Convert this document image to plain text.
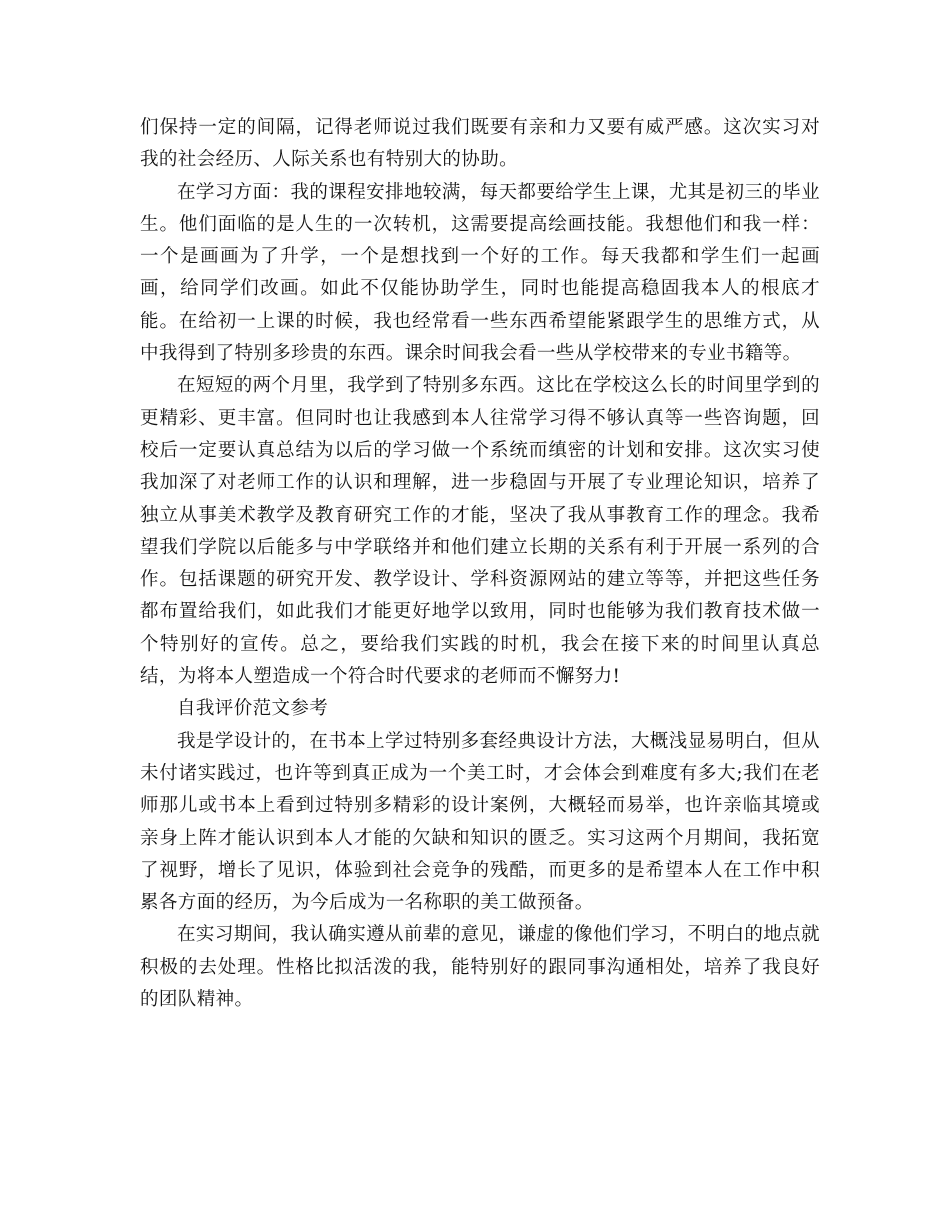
们保持一定的间隔，记得老师说过我们既要有亲和力又要有威严感。这次实习对我的社会经历、人际关系也有特别大的协助。

在学习方面：我的课程安排地较满，每天都要给学生上课，尤其是初三的毕业生。他们面临的是人生的一次转机，这需要提高绘画技能。我想他们和我一样：一个是画画为了升学，一个是想找到一个好的工作。每天我都和学生们一起画画，给同学们改画。如此不仅能协助学生，同时也能提高稳固我本人的根底才能。在给初一上课的时候，我也经常看一些东西希望能紧跟学生的思维方式，从中我得到了特别多珍贵的东西。课余时间我会看一些从学校带来的专业书籍等。

在短短的两个月里，我学到了特别多东西。这比在学校这么长的时间里学到的更精彩、更丰富。但同时也让我感到本人往常学习得不够认真等一些咨询题，回校后一定要认真总结为以后的学习做一个系统而缜密的计划和安排。这次实习使我加深了对老师工作的认识和理解，进一步稳固与开展了专业理论知识，培养了独立从事美术教学及教育研究工作的才能，坚决了我从事教育工作的理念。我希望我们学院以后能多与中学联络并和他们建立长期的关系有利于开展一系列的合作。包括课题的研究开发、教学设计、学科资源网站的建立等等，并把这些任务都布置给我们，如此我们才能更好地学以致用，同时也能够为我们教育技术做一个特别好的宣传。总之，要给我们实践的时机，我会在接下来的时间里认真总结，为将本人塑造成一个符合时代要求的老师而不懈努力!

自我评价范文参考

我是学设计的，在书本上学过特别多套经典设计方法，大概浅显易明白，但从未付诸实践过，也许等到真正成为一个美工时，才会体会到难度有多大;我们在老师那儿或书本上看到过特别多精彩的设计案例，大概轻而易举，也许亲临其境或亲身上阵才能认识到本人才能的欠缺和知识的匮乏。实习这两个月期间，我拓宽了视野，增长了见识，体验到社会竞争的残酷，而更多的是希望本人在工作中积累各方面的经历，为今后成为一名称职的美工做预备。

在实习期间，我认确实遵从前辈的意见，谦虚的像他们学习，不明白的地点就积极的去处理。性格比拟活泼的我，能特别好的跟同事沟通相处，培养了我良好的团队精神。
